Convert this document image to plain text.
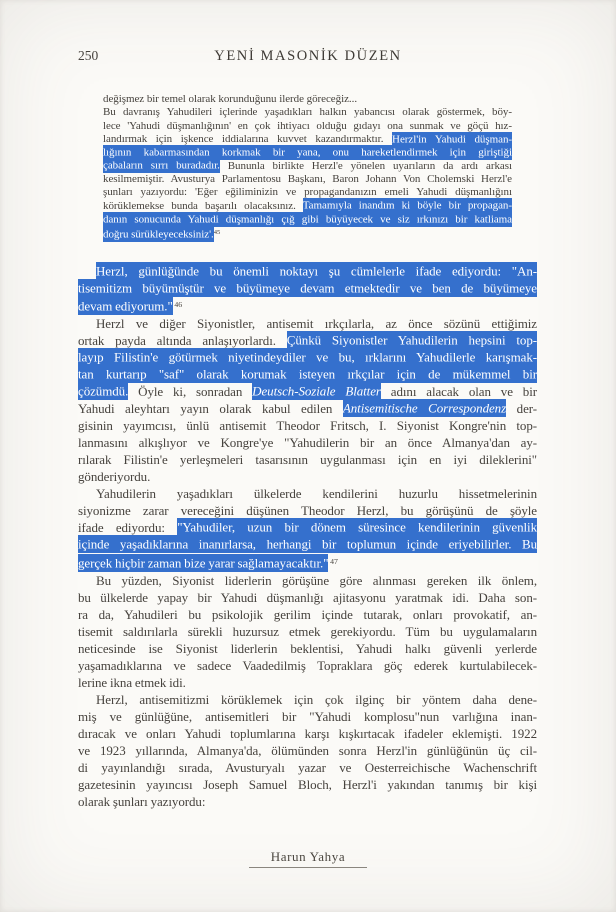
250	YENİ MASONİK DÜZEN
değişmez bir temel olarak korunduğunu ilerde göreceğiz...
Bu davranış Yahudileri içlerinde yaşadıkları halkın yabancısı olarak göstermek, böy-
lece 'Yahudi düşmanlığının' en çok ihtiyacı olduğu gıdayı ona sunmak ve göçü hız-
landırmak için işkence iddialarına kuvvet kazandırmaktır. Herzl'in Yahudi düşman-
lığının kabarmasından korkmak bir yana, onu hareketlendirmek için giriştiği
çabaların sırrı buradadır. Bununla birlikte Herzl'e yönelen uyarıların da ardı arkası
kesilmemiştir. Avusturya Parlamentosu Başkanı, Baron Johann Von Cholemski Herzl'e
şunları yazıyordu: 'Eğer eğiliminizin ve propagandanızın emeli Yahudi düşmanlığını
körüklemekse bunda başarılı olacaksınız. Tamamıyla inandım ki böyle bir propagan-
danın sonucunda Yahudi düşmanlığı çığ gibi büyüyecek ve siz ırkınızı bir katliama
doğru sürükleyeceksiniz'.$^{45}$
Herzl, günlüğünde bu önemli noktayı şu cümlelerle ifade ediyordu: "An-
tisemitizm büyümüştür ve büyümeye devam etmektedir ve ben de büyümeye
devam ediyorum." $^{46}$
Herzl ve diğer Siyonistler, antisemit ırkçılarla, az önce sözünü ettiğimiz
ortak payda altında anlaşıyorlardı. Çünkü Siyonistler Yahudilerin hepsini top-
layıp Filistin'e götürmek niyetindeydiler ve bu, ırklarını Yahudilerle karışmak-
tan kurtarıp "saf" olarak korumak isteyen ırkçılar için de mükemmel bir
çözümdü. Öyle ki, sonradan Deutsch-Soziale Blatter adını alacak olan ve bir
Yahudi aleyhtarı yayın olarak kabul edilen Antisemitische Correspondenz der-
gisinin yayımcısı, ünlü antisemit Theodor Fritsch, I. Siyonist Kongre'nin top-
lanmasını alkışlıyor ve Kongre'ye "Yahudilerin bir an önce Almanya'dan ay-
rılarak Filistin'e yerleşmeleri tasarısının uygulanması için en iyi dileklerini"
gönderiyordu.
Yahudilerin yaşadıkları ülkelerde kendilerini huzurlu hissetmelerinin
siyonizme zarar vereceğini düşünen Theodor Herzl, bu görüşünü de şöyle
ifade ediyordu: "Yahudiler, uzun bir dönem süresince kendilerinin güvenlik
içinde yaşadıklarına inanırlarsa, herhangi bir toplumun içinde eriyebilirler. Bu
gerçek hiçbir zaman bize yarar sağlamayacaktır." $^{47}$
Bu yüzden, Siyonist liderlerin görüşüne göre alınması gereken ilk önlem,
bu ülkelerde yapay bir Yahudi düşmanlığı ajitasyonu yaratmak idi. Daha son-
ra da, Yahudileri bu psikolojik gerilim içinde tutarak, onları provokatif, an-
tisemit saldırılarla sürekli huzursuz etmek gerekiyordu. Tüm bu uygulamaların
neticesinde ise Siyonist liderlerin beklentisi, Yahudi halkı güvenli yerlerde
yaşamadıklarına ve sadece Vaadedilmiş Topraklara göç ederek kurtulabilecek-
lerine ikna etmek idi.
Herzl, antisemitizmi körüklemek için çok ilginç bir yöntem daha dene-
miş ve günlüğüne, antisemitleri bir "Yahudi komplosu"nun varlığına inan-
dıracak ve onları Yahudi toplumlarına karşı kışkırtacak ifadeler eklemişti. 1922
ve 1923 yıllarında, Almanya'da, ölümünden sonra Herzl'in günlüğünün üç cil-
di yayınlandığı sırada, Avusturyalı yazar ve Oesterreichische Wachenschrift
gazetesinin yayıncısı Joseph Samuel Bloch, Herzl'i yakından tanımış bir kişi
olarak şunları yazıyordu:
Harun Yahya
